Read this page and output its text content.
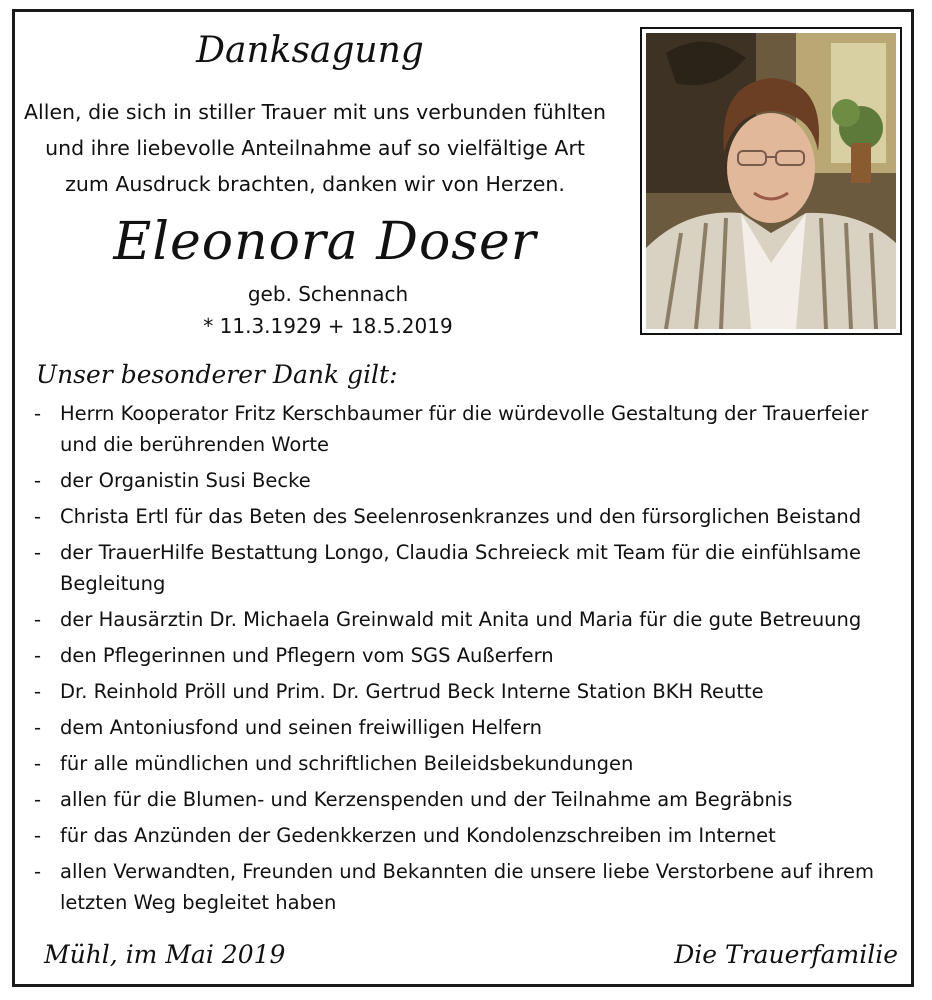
Danksagung
Allen, die sich in stiller Trauer mit uns verbunden fühlten
und ihre liebevolle Anteilnahme auf so vielfältige Art
zum Ausdruck brachten, danken wir von Herzen.
Eleonora Doser
geb. Schennach
* 11.3.1929 + 18.5.2019
Unser besonderer Dank gilt:
- Herrn Kooperator Fritz Kerschbaumer für die würdevolle Gestaltung der Trauerfeier und die berührenden Worte
- der Organistin Susi Becke
- Christa Ertl für das Beten des Seelenrosenkranzes und den fürsorglichen Beistand
- der TrauerHilfe Bestattung Longo, Claudia Schreieck mit Team für die einfühlsame Begleitung
- der Hausärztin Dr. Michaela Greinwald mit Anita und Maria für die gute Betreuung
- den Pflegerinnen und Pflegern vom SGS Außerfern
- Dr. Reinhold Pröll und Prim. Dr. Gertrud Beck Interne Station BKH Reutte
- dem Antoniusfond und seinen freiwilligen Helfern
- für alle mündlichen und schriftlichen Beileidsbekundungen
- allen für die Blumen- und Kerzenspenden und der Teilnahme am Begräbnis
- für das Anzünden der Gedenkkerzen und Kondolenzschreiben im Internet
- allen Verwandten, Freunden und Bekannten die unsere liebe Verstorbene auf ihrem letzten Weg begleitet haben
Mühl, im Mai 2019	Die Trauerfamilie
